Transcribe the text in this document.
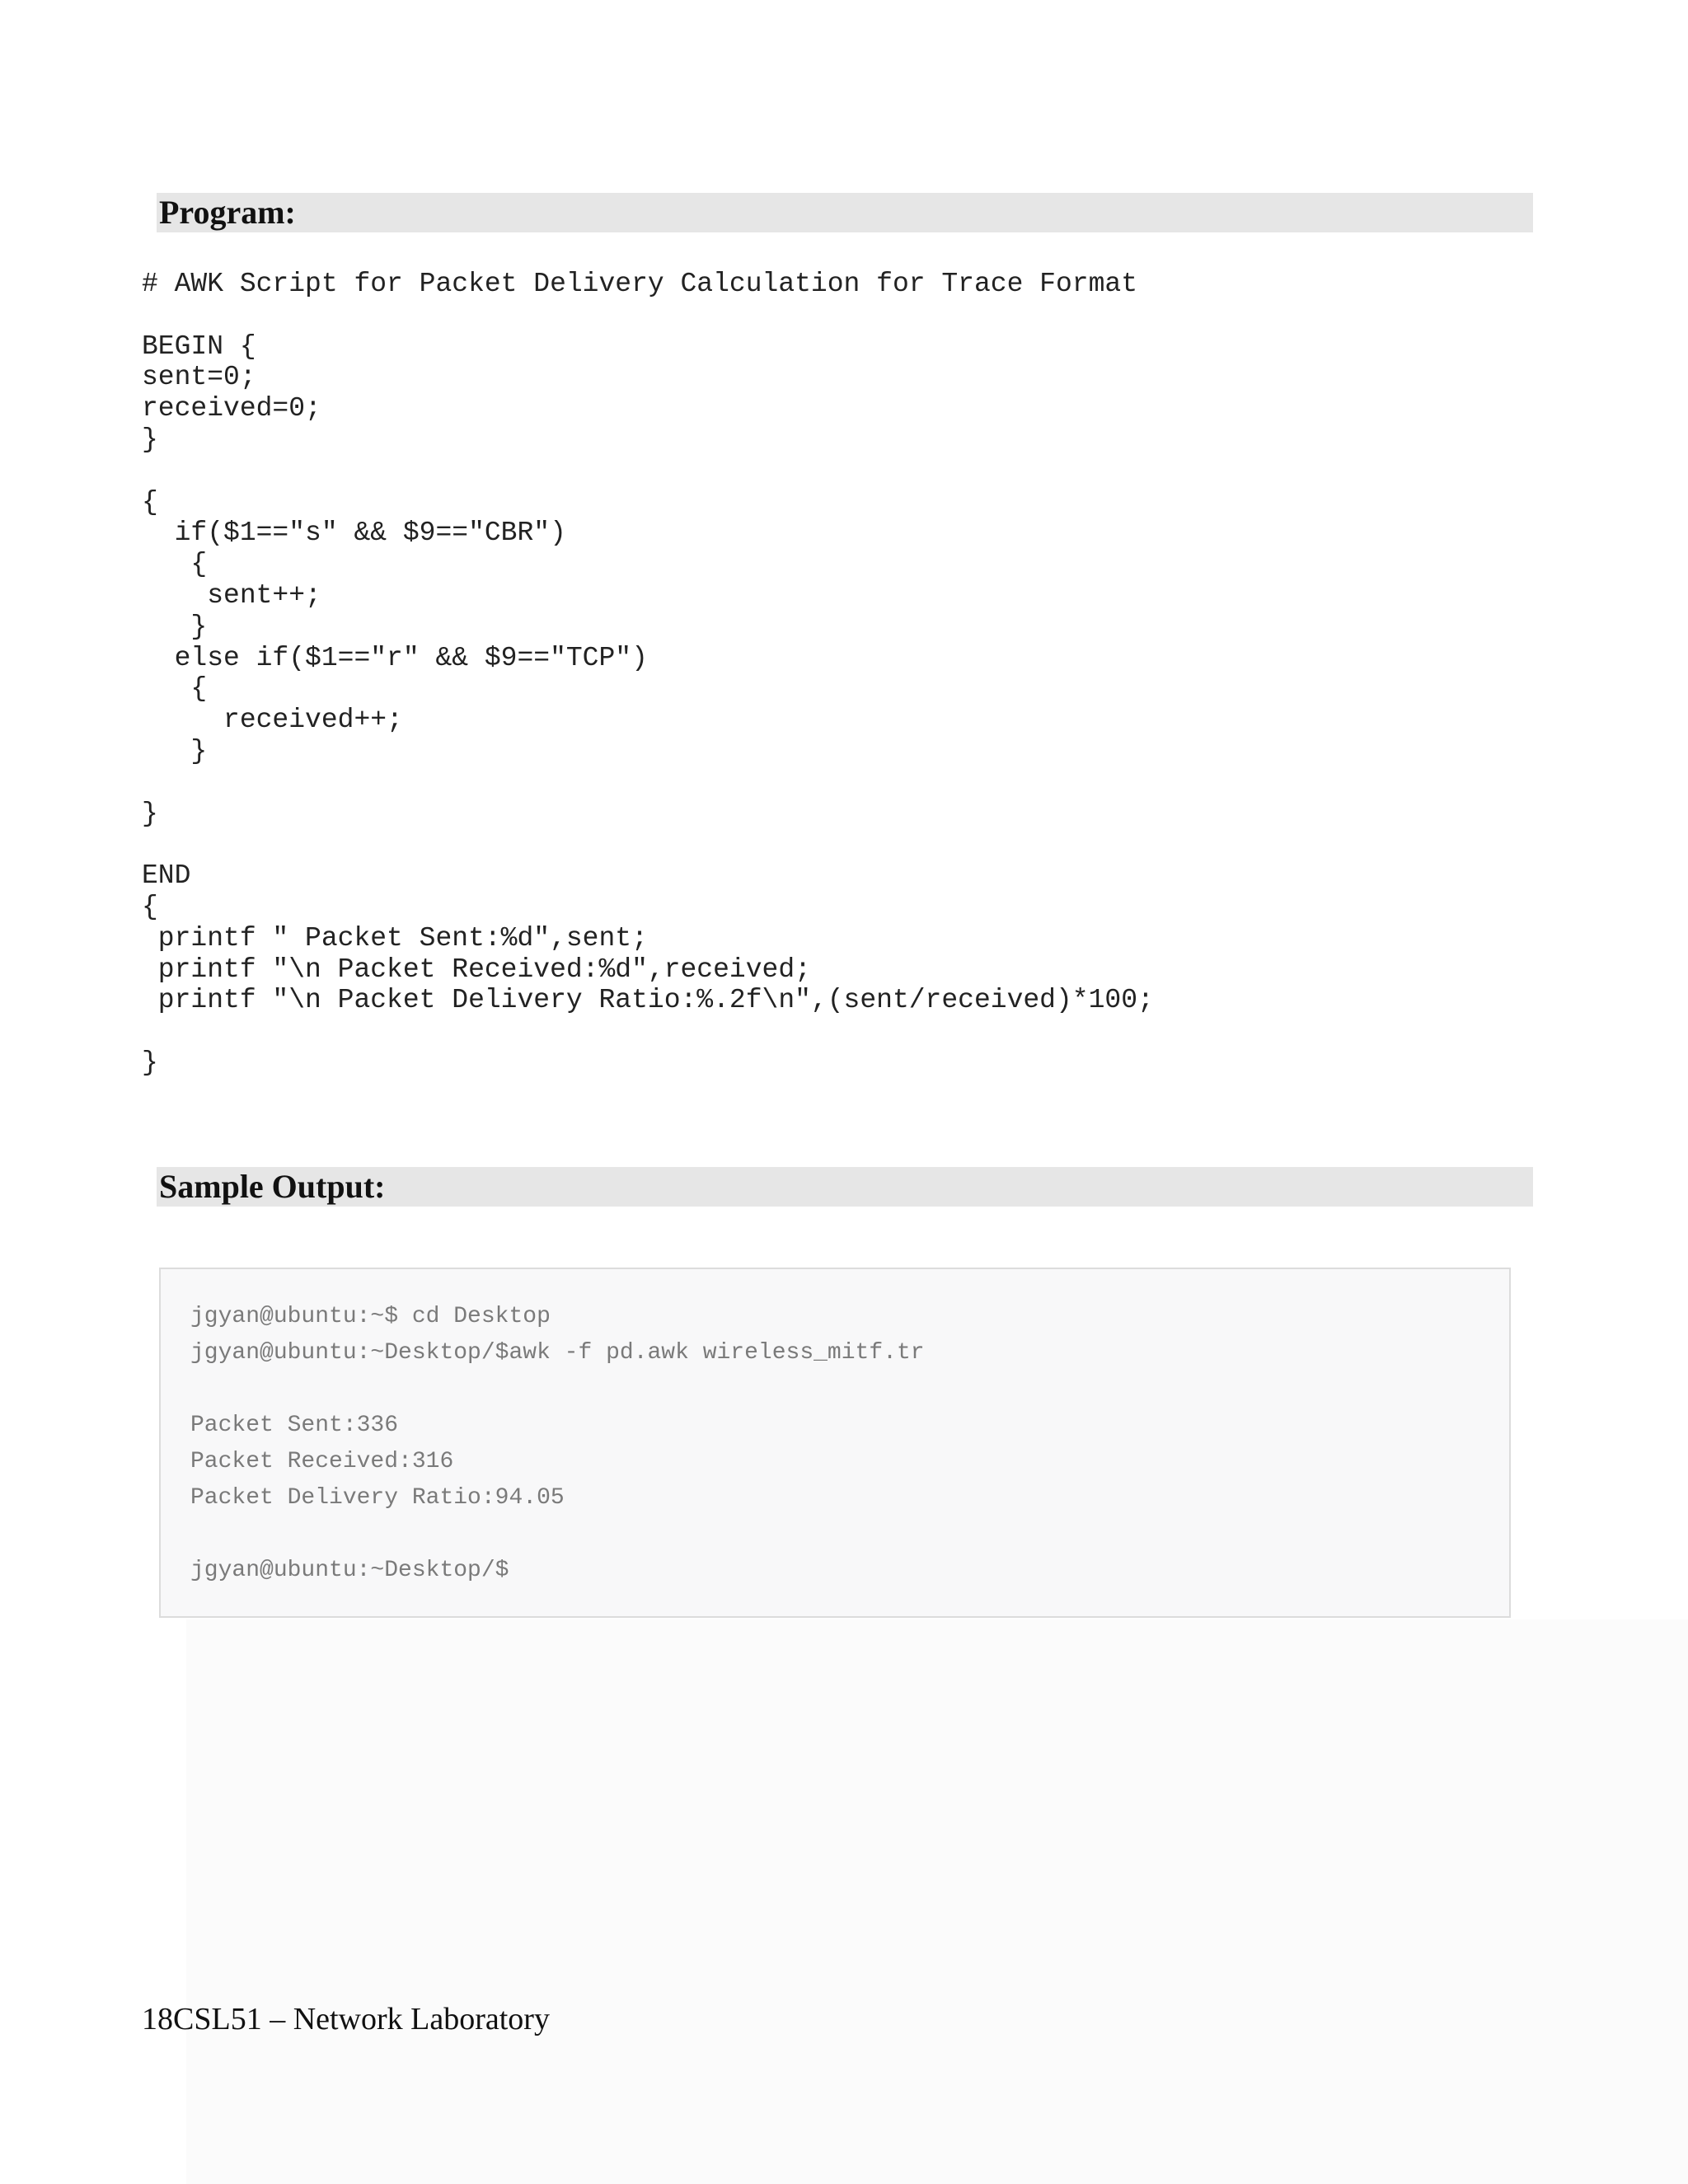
Program:
# AWK Script for Packet Delivery Calculation for Trace Format

BEGIN {
sent=0;
received=0;
}

{
if($1=="s" && $9=="CBR")
{
sent++;
}
else if($1=="r" && $9=="TCP")
{
received++;
}

}

END
{
printf " Packet Sent:%d",sent;
printf "\n Packet Received:%d",received;
printf "\n Packet Delivery Ratio:%.2f\n",(sent/received)*100;

}
Sample Output:
jgyan@ubuntu:~$ cd Desktop
jgyan@ubuntu:~Desktop/$awk -f pd.awk wireless_mitf.tr

Packet Sent:336
Packet Received:316
Packet Delivery Ratio:94.05

jgyan@ubuntu:~Desktop/$
18CSL51 – Network Laboratory
